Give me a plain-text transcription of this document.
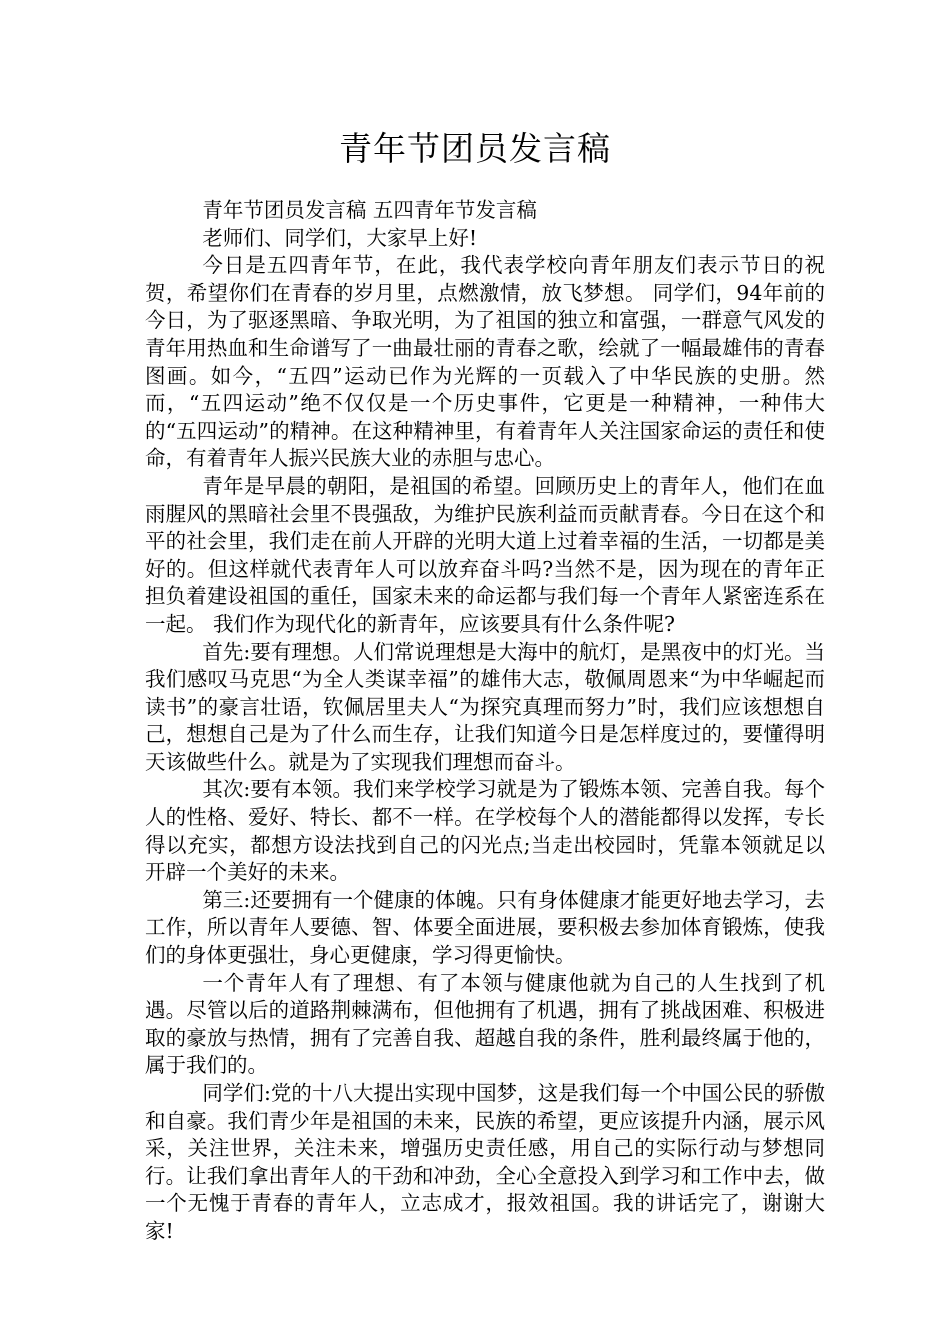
青年节团员发言稿

青年节团员发言稿 五四青年节发言稿

老师们、同学们，大家早上好!

今日是五四青年节，在此，我代表学校向青年朋友们表示节日的祝贺，希望你们在青春的岁月里，点燃激情，放飞梦想。 同学们，94年前的今日，为了驱逐黑暗、争取光明，为了祖国的独立和富强，一群意气风发的青年用热血和生命谱写了一曲最壮丽的青春之歌，绘就了一幅最雄伟的青春图画。如今，“五四”运动已作为光辉的一页载入了中华民族的史册。然而，“五四运动”绝不仅仅是一个历史事件，它更是一种精神，一种伟大的“五四运动”的精神。在这种精神里，有着青年人关注国家命运的责任和使命，有着青年人振兴民族大业的赤胆与忠心。

青年是早晨的朝阳，是祖国的希望。回顾历史上的青年人，他们在血雨腥风的黑暗社会里不畏强敌，为维护民族利益而贡献青春。今日在这个和平的社会里，我们走在前人开辟的光明大道上过着幸福的生活，一切都是美好的。但这样就代表青年人可以放弃奋斗吗?当然不是，因为现在的青年正担负着建设祖国的重任，国家未来的命运都与我们每一个青年人紧密连系在一起。 我们作为现代化的新青年，应该要具有什么条件呢?

首先:要有理想。人们常说理想是大海中的航灯，是黑夜中的灯光。当我们感叹马克思“为全人类谋幸福”的雄伟大志，敬佩周恩来“为中华崛起而读书”的豪言壮语，钦佩居里夫人“为探究真理而努力”时，我们应该想想自己，想想自己是为了什么而生存，让我们知道今日是怎样度过的，要懂得明天该做些什么。就是为了实现我们理想而奋斗。

其次:要有本领。我们来学校学习就是为了锻炼本领、完善自我。每个人的性格、爱好、特长、都不一样。在学校每个人的潜能都得以发挥，专长得以充实，都想方设法找到自己的闪光点;当走出校园时，凭靠本领就足以开辟一个美好的未来。

第三:还要拥有一个健康的体魄。只有身体健康才能更好地去学习，去工作，所以青年人要德、智、体要全面进展，要积极去参加体育锻炼，使我们的身体更强壮，身心更健康，学习得更愉快。

一个青年人有了理想、有了本领与健康他就为自己的人生找到了机遇。尽管以后的道路荆棘满布，但他拥有了机遇，拥有了挑战困难、积极进取的豪放与热情，拥有了完善自我、超越自我的条件，胜利最终属于他的，属于我们的。

同学们:党的十八大提出实现中国梦，这是我们每一个中国公民的骄傲和自豪。我们青少年是祖国的未来，民族的希望，更应该提升内涵，展示风采，关注世界，关注未来，增强历史责任感，用自己的实际行动与梦想同行。让我们拿出青年人的干劲和冲劲，全心全意投入到学习和工作中去，做一个无愧于青春的青年人，立志成才，报效祖国。我的讲话完了，谢谢大家!
